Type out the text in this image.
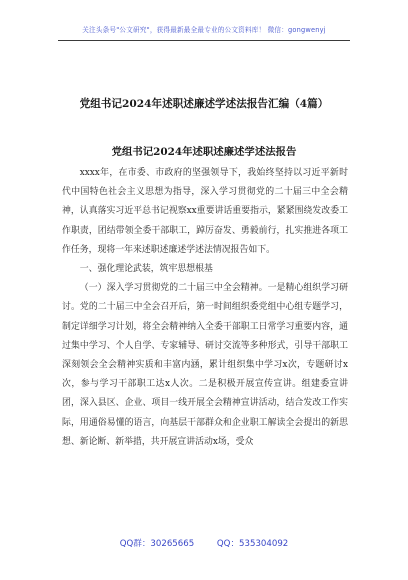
关注头条号"公文研究"，获得最新最全最专业的公文资料库！ 微信：gongwenyj
党组书记2024年述职述廉述学述法报告汇编（4篇）
党组书记2024年述职述廉述学述法报告

xxxx年，在市委、市政府的坚强领导下，我始终坚持以习近平新时代中国特色社会主义思想为指导，深入学习贯彻党的二十届三中全会精神，认真落实习近平总书记视察xx重要讲话重要指示，紧紧围绕发改委工作职责，团结带领全委干部职工，踔厉奋发、勇毅前行，扎实推进各项工作任务，现将一年来述职述廉述学述法情况报告如下。

一、强化理论武装，筑牢思想根基

（一）深入学习贯彻党的二十届三中全会精神。一是精心组织学习研讨。党的二十届三中全会召开后，第一时间组织委党组中心组专题学习，制定详细学习计划，将全会精神纳入全委干部职工日常学习重要内容，通过集中学习、个人自学、专家辅导、研讨交流等多种形式，引导干部职工深刻领会全会精神实质和丰富内涵，累计组织集中学习x次，专题研讨x次，参与学习干部职工达x人次。二是积极开展宣传宣讲。组建委宣讲团，深入县区、企业、项目一线开展全会精神宣讲活动，结合发改工作实际，用通俗易懂的语言，向基层干部群众和企业职工解读全会提出的新思想、新论断、新举措，共开展宣讲活动x场，受众

QQ群：30265665	QQ：535304092
